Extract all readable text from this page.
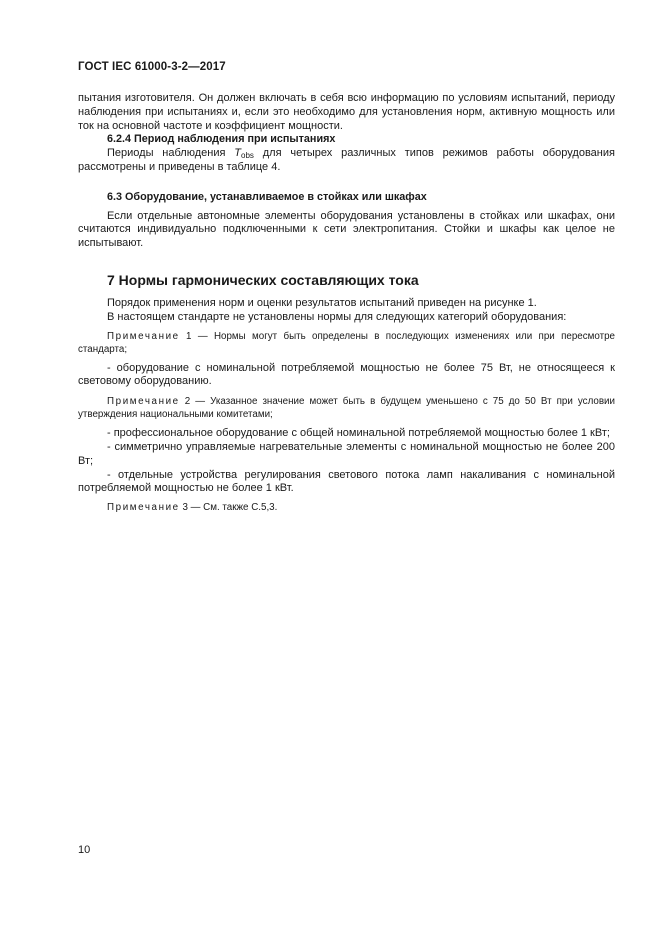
ГОСТ IEC 61000-3-2—2017

пытания изготовителя. Он должен включать в себя всю информацию по условиям испытаний, периоду наблюдения при испытаниях и, если это необходимо для установления норм, активную мощность или ток на основной частоте и коэффициент мощности.

6.2.4 Период наблюдения при испытаниях

Периоды наблюдения $T_{obs}$ для четырех различных типов режимов работы оборудования рассмотрены и приведены в таблице 4.

6.3 Оборудование, устанавливаемое в стойках или шкафах

Если отдельные автономные элементы оборудования установлены в стойках или шкафах, они считаются индивидуально подключенными к сети электропитания. Стойки и шкафы как целое не испытывают.

7 Нормы гармонических составляющих тока

Порядок применения норм и оценки результатов испытаний приведен на рисунке 1.

В настоящем стандарте не установлены нормы для следующих категорий оборудования:

Примечание 1 — Нормы могут быть определены в последующих изменениях или при пересмотре стандарта;

- оборудование с номинальной потребляемой мощностью не более 75 Вт, не относящееся к световому оборудованию.

Примечание 2 — Указанное значение может быть в будущем уменьшено с 75 до 50 Вт при условии утверждения национальными комитетами;

- профессиональное оборудование с общей номинальной потребляемой мощностью более 1 кВт;

- симметрично управляемые нагревательные элементы с номинальной мощностью не более 200 Вт;

- отдельные устройства регулирования светового потока ламп накаливания с номинальной потребляемой мощностью не более 1 кВт.

Примечание 3 — См. также С.5,3.

10
